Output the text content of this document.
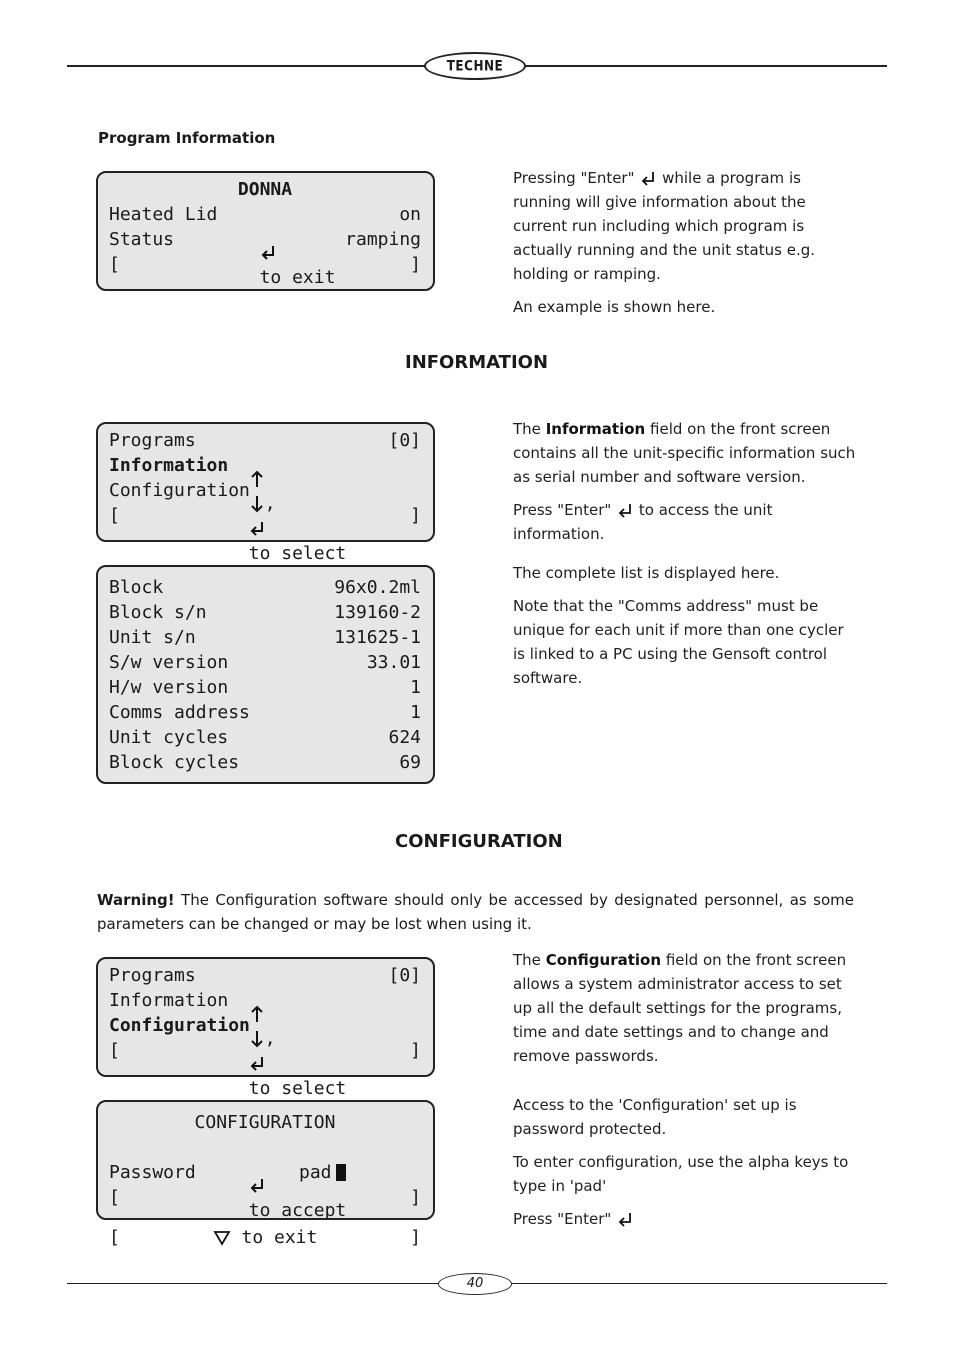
TECHNE
Program Information
DONNA
Heated Lid	on
Status	ramping
[

to exit

]

Pressing "Enter" while a program is running will give information about the current run including which program is actually running and the unit status e.g. holding or ramping.

An example is shown here.

INFORMATION
Programs	[0]
Information
Configuration
[

,

to select

]
Block	96x0.2ml
Block s/n	139160-2
Unit s/n	131625-1
S/w version	33.01
H/w version	1
Comms address	1
Unit cycles	624
Block cycles	69

The Information field on the front screen contains all the unit-specific information such as serial number and software version.

Press "Enter" to access the unit information.

The complete list is displayed here.

Note that the "Comms address" must be unique for each unit if more than one cycler is linked to a PC using the Gensoft control software.

CONFIGURATION
Warning! The Configuration software should only be accessed by designated personnel, as some parameters can be changed or may be lost when using it.
Programs	[0]
Information
Configuration
[

,

to select

]
CONFIGURATION
Password	pad
[

to accept

]
[	to exit	]

The Configuration field on the front screen allows a system administrator access to set up all the default settings for the programs, time and date settings and to change and remove passwords.

Access to the 'Configuration' set up is password protected.

To enter configuration, use the alpha keys to type in 'pad'

Press "Enter"

40
